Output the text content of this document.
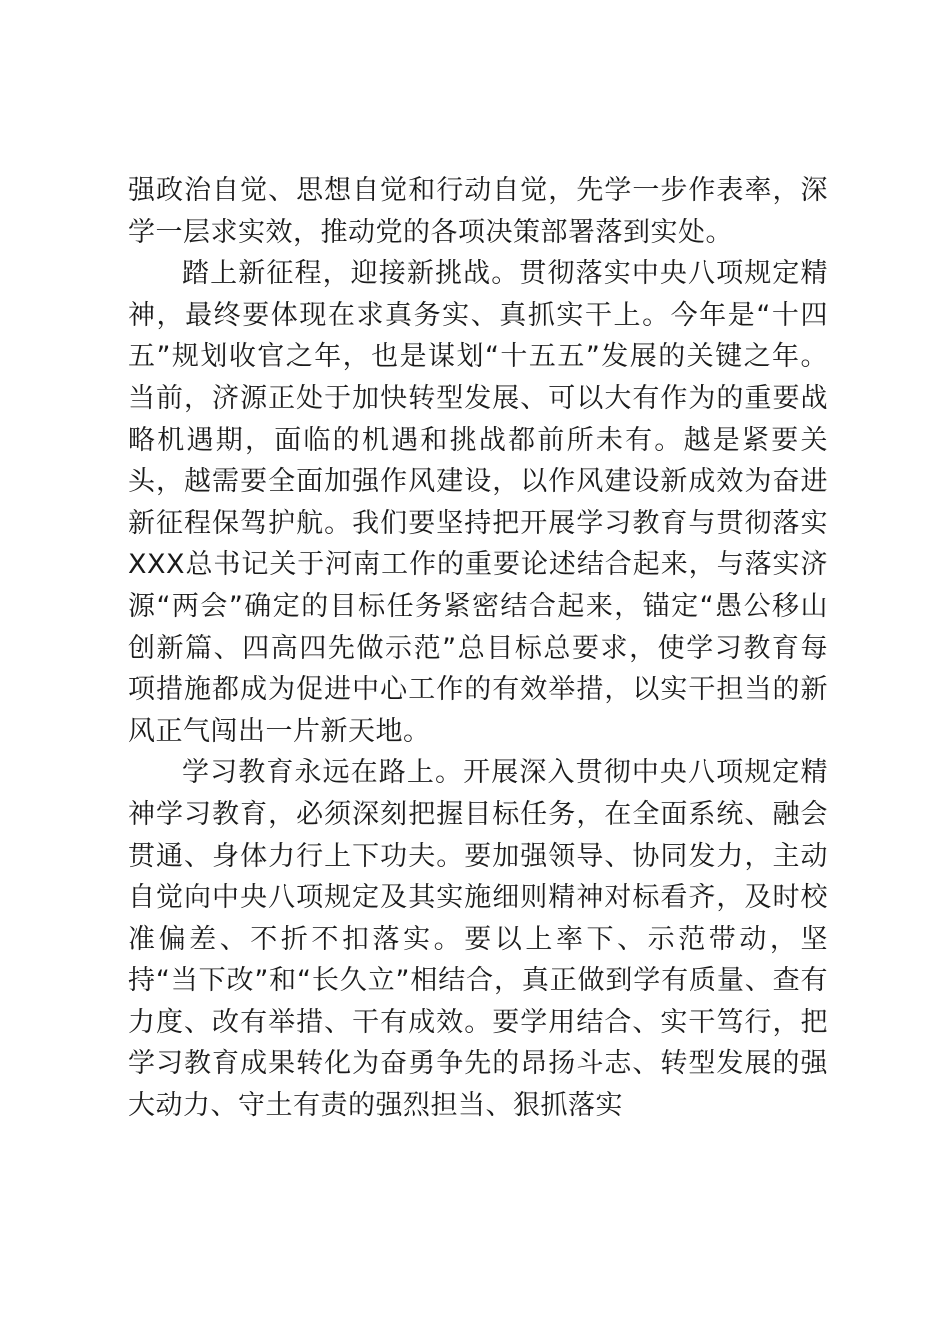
强政治自觉、思想自觉和行动自觉，先学一步作表率，深学一层求实效，推动党的各项决策部署落到实处。

踏上新征程，迎接新挑战。贯彻落实中央八项规定精神，最终要体现在求真务实、真抓实干上。今年是“十四五”规划收官之年，也是谋划“十五五”发展的关键之年。当前，济源正处于加快转型发展、可以大有作为的重要战略机遇期，面临的机遇和挑战都前所未有。越是紧要关头，越需要全面加强作风建设，以作风建设新成效为奋进新征程保驾护航。我们要坚持把开展学习教育与贯彻落实XXX总书记关于河南工作的重要论述结合起来，与落实济源“两会”确定的目标任务紧密结合起来，锚定“愚公移山创新篇、四高四先做示范”总目标总要求，使学习教育每项措施都成为促进中心工作的有效举措，以实干担当的新风正气闯出一片新天地。

学习教育永远在路上。开展深入贯彻中央八项规定精神学习教育，必须深刻把握目标任务，在全面系统、融会贯通、身体力行上下功夫。要加强领导、协同发力，主动自觉向中央八项规定及其实施细则精神对标看齐，及时校准偏差、不折不扣落实。要以上率下、示范带动，坚持“当下改”和“长久立”相结合，真正做到学有质量、查有力度、改有举措、干有成效。要学用结合、实干笃行，把学习教育成果转化为奋勇争先的昂扬斗志、转型发展的强大动力、守土有责的强烈担当、狠抓落实
